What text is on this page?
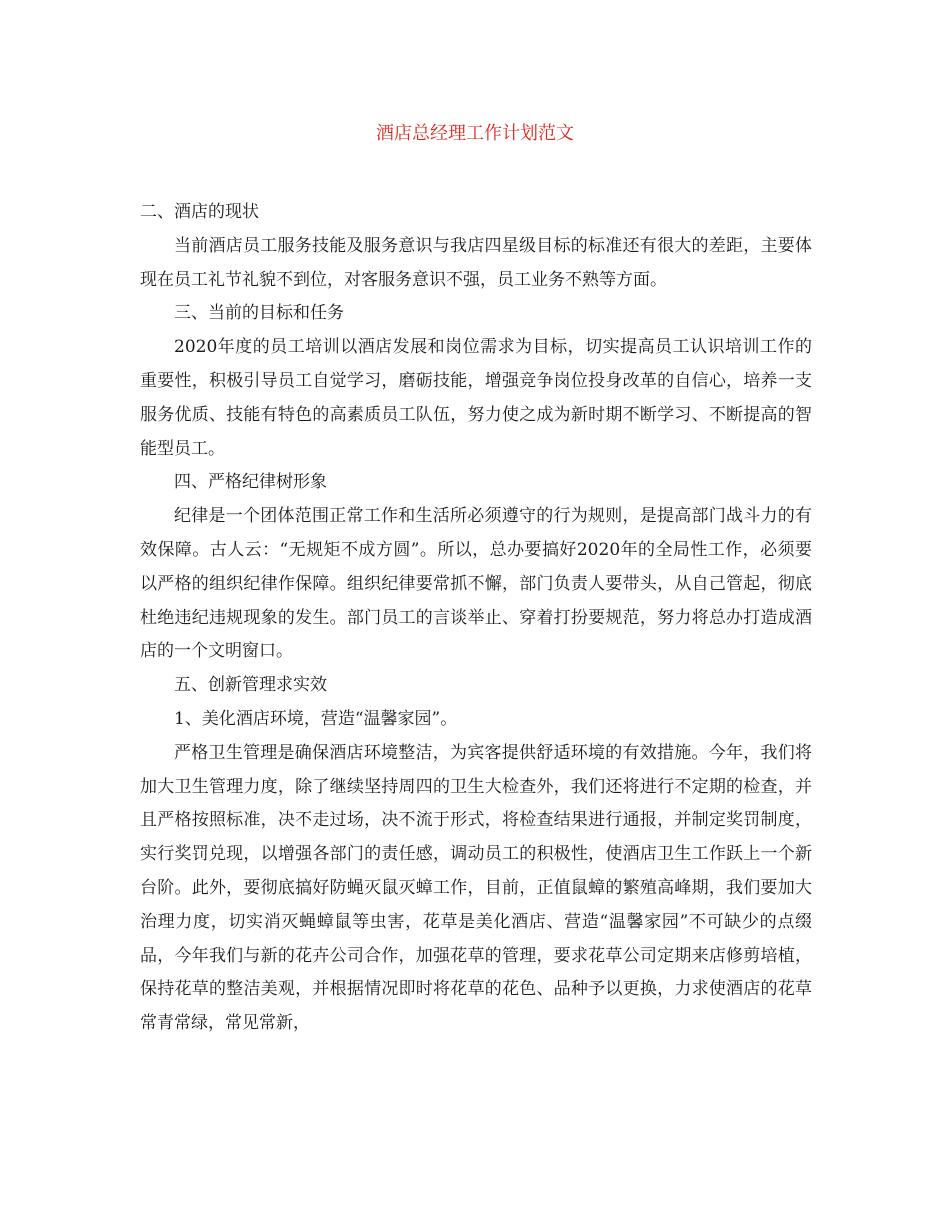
酒店总经理工作计划范文

二、酒店的现状

当前酒店员工服务技能及服务意识与我店四星级目标的标准还有很大的差距，主要体现在员工礼节礼貌不到位，对客服务意识不强，员工业务不熟等方面。

三、当前的目标和任务

2020年度的员工培训以酒店发展和岗位需求为目标，切实提高员工认识培训工作的重要性，积极引导员工自觉学习，磨砺技能，增强竞争岗位投身改革的自信心，培养一支服务优质、技能有特色的高素质员工队伍，努力使之成为新时期不断学习、不断提高的智能型员工。

四、严格纪律树形象

纪律是一个团体范围正常工作和生活所必须遵守的行为规则，是提高部门战斗力的有效保障。古人云：“无规矩不成方圆”。所以，总办要搞好2020年的全局性工作，必须要以严格的组织纪律作保障。组织纪律要常抓不懈，部门负责人要带头，从自己管起，彻底杜绝违纪违规现象的发生。部门员工的言谈举止、穿着打扮要规范，努力将总办打造成酒店的一个文明窗口。

五、创新管理求实效

1、美化酒店环境，营造“温馨家园”。

严格卫生管理是确保酒店环境整洁，为宾客提供舒适环境的有效措施。今年，我们将加大卫生管理力度，除了继续坚持周四的卫生大检查外，我们还将进行不定期的检查，并且严格按照标准，决不走过场，决不流于形式，将检查结果进行通报，并制定奖罚制度，实行奖罚兑现，以增强各部门的责任感，调动员工的积极性，使酒店卫生工作跃上一个新台阶。此外，要彻底搞好防蝇灭鼠灭蟑工作，目前，正值鼠蟑的繁殖高峰期，我们要加大治理力度，切实消灭蝇蟑鼠等虫害，花草是美化酒店、营造“温馨家园”不可缺少的点缀品，今年我们与新的花卉公司合作，加强花草的管理，要求花草公司定期来店修剪培植，保持花草的整洁美观，并根据情况即时将花草的花色、品种予以更换，力求使酒店的花草常青常绿，常见常新，
